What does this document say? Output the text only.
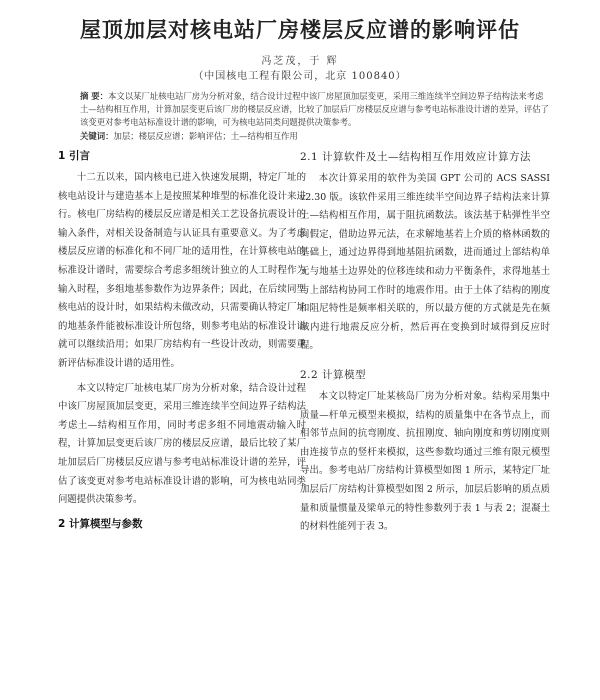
屋顶加层对核电站厂房楼层反应谱的影响评估
冯芝茂，于 辉
（中国核电工程有限公司，北京 100840）
摘 要：本文以某厂址核电站厂房为分析对象，结合设计过程中该厂房屋顶加层变更，采用三维连续半空间边界子结构法来考虑土—结构相互作用，计算加层变更后该厂房的楼层反应谱，比较了加层后厂房楼层反应谱与参考电站标准设计谱的差异，评估了该变更对参考电站标准设计谱的影响，可为核电站同类问题提供决策参考。
关键词：加层；楼层反应谱；影响评估；土—结构相互作用
1 引言

十二五以来，国内核电已进入快速发展期，特定厂址的核电站设计与建造基本上是按照某种堆型的标准化设计来进行。核电厂房结构的楼层反应谱是相关工艺设备抗震设计的输入条件，对相关设备制造与认证具有重要意义。为了考虑楼层反应谱的标准化和不同厂址的适用性，在计算核电站的标准设计谱时，需要综合考虑多组统计独立的人工时程作为输入时程，多组地基参数作为边界条件；因此，在后续同型核电站的设计时，如果结构未做改动，只需要确认特定厂址的地基条件能被标准设计所包络，则参考电站的标准设计谱就可以继续沿用；如果厂房结构有一些设计改动，则需要重新评估标准设计谱的适用性。

本文以特定厂址核电某厂房为分析对象，结合设计过程中该厂房屋顶加层变更，采用三维连续半空间边界子结构法考虑土—结构相互作用，同时考虑多组不同地震动输入时程，计算加层变更后该厂房的楼层反应谱，最后比较了某厂址加层后厂房楼层反应谱与参考电站标准设计谱的差异，评估了该变更对参考电站标准设计谱的影响，可为核电站同类问题提供决策参考。

2 计算模型与参数
2.1 计算软件及土—结构相互作用效应计算方法

本次计算采用的软件为美国 GPT 公司的 ACS SASSI v2.30 版。该软件采用三维连续半空间边界子结构法来计算土—结构相互作用，属于阻抗函数法。该法基于粘弹性半空间假定，借助边界元法，在求解地基若上介质的格林函数的基础上，通过边界得到地基阻抗函数，进而通过上部结构单元与地基土边界处的位移连续和动力平衡条件，求得地基土与上部结构协同工作时的地震作用。由于土体了结构的刚度和阻尼特性是频率相关联的，所以最方便的方式就是先在频域内进行地震反应分析，然后再在变换到时域得到反应时程。

2.2 计算模型

本文以特定厂址某核岛厂房为分析对象。结构采用集中质量—杆单元模型来模拟，结构的质量集中在各节点上，而相邻节点间的抗弯刚度、抗扭刚度、轴向刚度和剪切刚度则由连接节点的竖杆来模拟，这些参数均通过三维有限元模型导出。参考电站厂房结构计算模型如图 1 所示，某特定厂址加层后厂房结构计算模型如图 2 所示，加层后影响的质点质量和质量惯量及梁单元的特性参数列于表 1 与表 2；混凝土的材料性能列于表 3。
